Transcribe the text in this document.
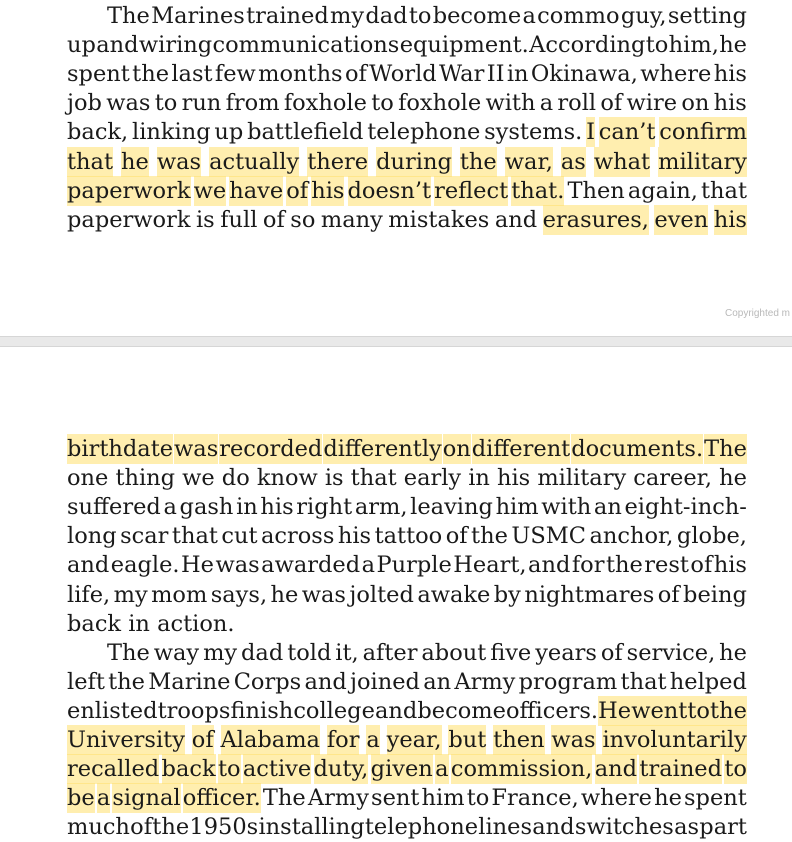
The Marines trained my dad to become a commo guy, setting
up and wiring communications equipment. According to him, he
spent the last few months of World War II in Okinawa, where his
job was to run from foxhole to foxhole with a roll of wire on his
back, linking up battlefield telephone systems. I can’t confirm
that he was actually there during the war, as what military
paperwork we have of his doesn’t reflect that. Then again, that
paperwork is full of so many mistakes and erasures, even his
Copyrighted m
birthdate was recorded differently on different documents. The
one thing we do know is that early in his military career, he
suffered a gash in his right arm, leaving him with an eight-inch-
long scar that cut across his tattoo of the USMC anchor, globe,
and eagle. He was awarded a Purple Heart, and for the rest of his
life, my mom says, he was jolted awake by nightmares of being
back
in
action.
The way my dad told it, after about five years of service, he
left the Marine Corps and joined an Army program that helped
enlisted troops finish college and become officers. He went to the
University of Alabama for a year, but then was involuntarily
recalled back to active duty, given a commission, and trained to
be a signal officer. The Army sent him to France, where he spent
much of the 1950s installing telephone lines and switches as part
